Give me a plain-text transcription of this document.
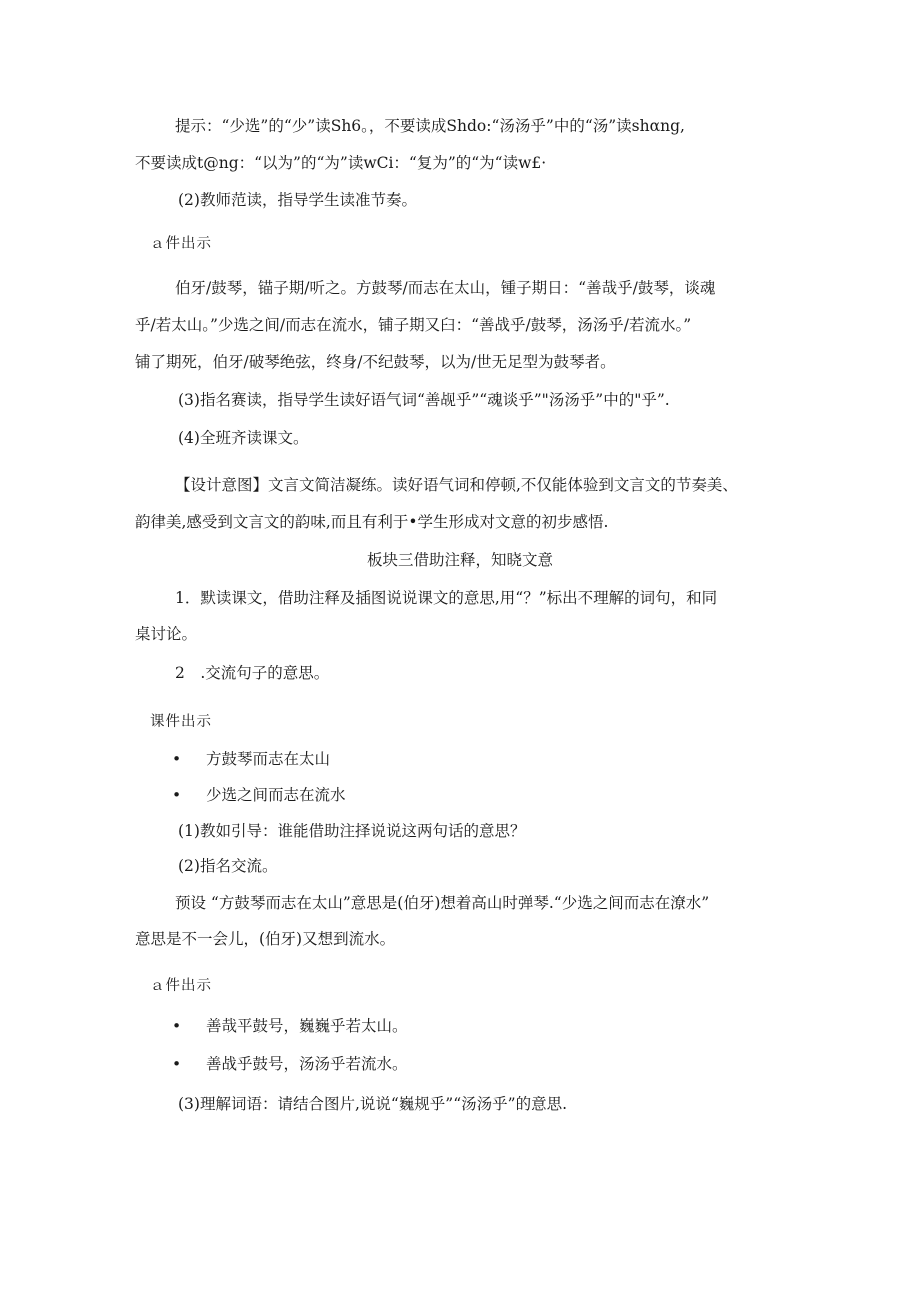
提示：“少选”的“少”读Sh6。，不要读成Shdo:“汤汤乎”中的“汤”读shαng,
不要读成t@ng：“以为”的“为”读wCi：“复为”的“为“读w£·
(2)教师范读，指导学生读准节奏。
ａ件出示
伯牙/鼓琴，锚子期/听之。方鼓琴/而志在太山，锺子期日：“善哉乎/鼓琴，谈魂
乎/若太山。”少选之间/而志在流水，铺子期又臼：“善战乎/鼓琴，汤汤乎/若流水。”
铺了期死，伯牙/破琴绝弦，终身/不纪鼓琴，以为/世无足型为鼓琴者。
(3)指名赛读，指导学生读好语气词“善觇乎”“魂谈乎”"汤汤乎”中的"乎”.
(4)全班齐读课文。
【设计意图】文言文简洁凝练。读好语气词和停顿,不仅能体验到文言文的节奏美、
韵律美,感受到文言文的韵味,而且有利于•学生形成对文意的初步感悟.
板块三借助注释，知晓文意
1．默读课文，借助注释及插图说说课文的意思,用“？”标出不理解的词句，和同
桌讨论。
2　.交流句子的意思。
课件出示
• 方鼓琴而志在太山
• 少选之间而志在流水
(1)教如引导：谁能借助注择说说这两句话的意思？
(2)指名交流。
预设 “方鼓琴而志在太山”意思是(伯牙)想着高山时弹琴.“少选之间而志在潦水”
意思是不一会儿，(伯牙)又想到流水。
ａ件出示
• 善哉平鼓号，巍巍乎若太山。
• 善战乎鼓号，汤汤乎若流水。
(3)理解词语：请结合图片,说说“巍规乎”“汤汤乎”的意思.
